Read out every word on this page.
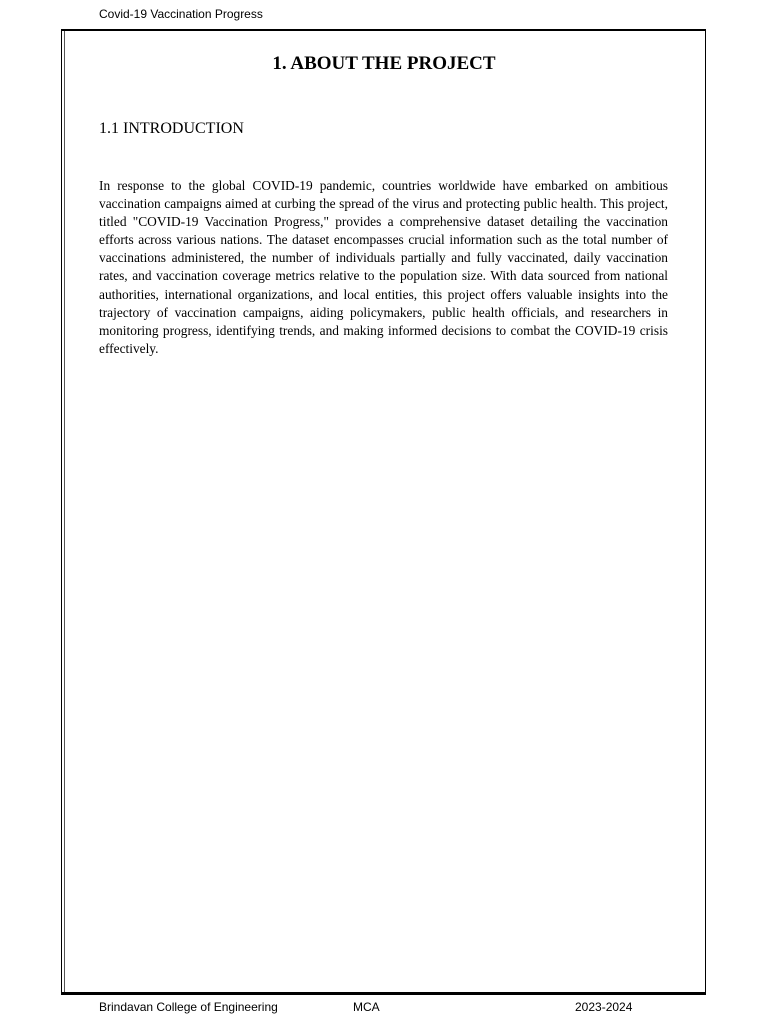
Covid-19 Vaccination Progress
1. ABOUT THE PROJECT
1.1 INTRODUCTION

In response to the global COVID-19 pandemic, countries worldwide have embarked on ambitious vaccination campaigns aimed at curbing the spread of the virus and protecting public health. This project, titled "COVID-19 Vaccination Progress," provides a comprehensive dataset detailing the vaccination efforts across various nations. The dataset encompasses crucial information such as the total number of vaccinations administered, the number of individuals partially and fully vaccinated, daily vaccination rates, and vaccination coverage metrics relative to the population size. With data sourced from national authorities, international organizations, and local entities, this project offers valuable insights into the trajectory of vaccination campaigns, aiding policymakers, public health officials, and researchers in monitoring progress, identifying trends, and making informed decisions to combat the COVID-19 crisis effectively.

Brindavan College of Engineering	MCA	2023-2024
